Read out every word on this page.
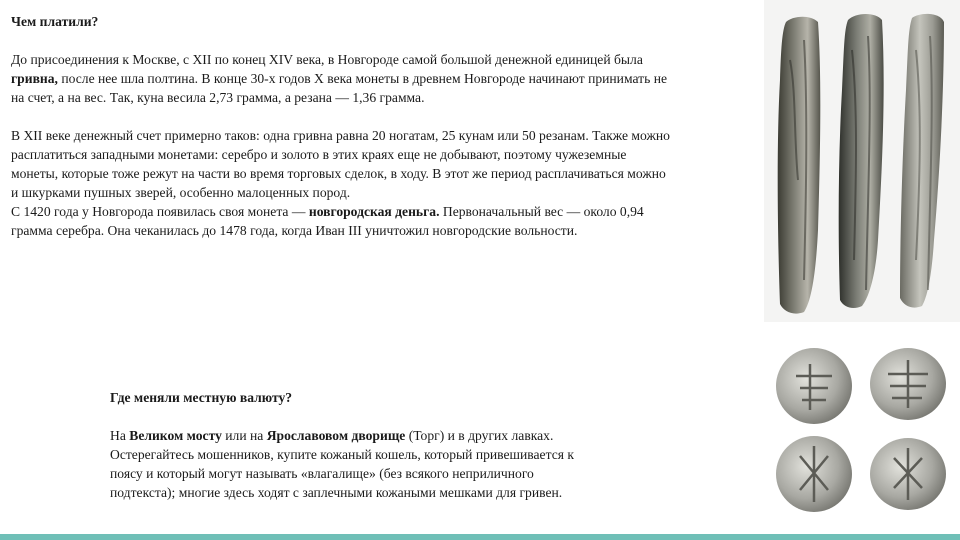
Чем платили?

До присоединения к Москве, с XII по конец XIV века, в Новгороде самой большой денежной единицей была гривна, после нее шла полтина. В конце 30-х годов X века монеты в древнем Новгороде начинают принимать не на счет, а на вес. Так, куна весила 2,73 грамма, а резана — 1,36 грамма.

В XII веке денежный счет примерно таков: одна гривна равна 20 ногатам, 25 кунам или 50 резанам. Также можно расплатиться западными монетами: серебро и золото в этих краях еще не добывают, поэтому чужеземные монеты, которые тоже режут на части во время торговых сделок, в ходу. В этот же период расплачиваться можно и шкурками пушных зверей, особенно малоценных пород.

С 1420 года у Новгорода появилась своя монета — новгородская деньга. Первоначальный вес — около 0,94 грамма серебра. Она чеканилась до 1478 года, когда Иван III уничтожил новгородские вольности.

Где меняли местную валюту?

На Великом мосту или на Ярославовом дворище (Торг) и в других лавках. Остерегайтесь мошенников, купите кожаный кошель, который привешивается к поясу и который могут называть «влагалище» (без всякого неприличного подтекста); многие здесь ходят с заплечными кожаными мешками для гривен.
